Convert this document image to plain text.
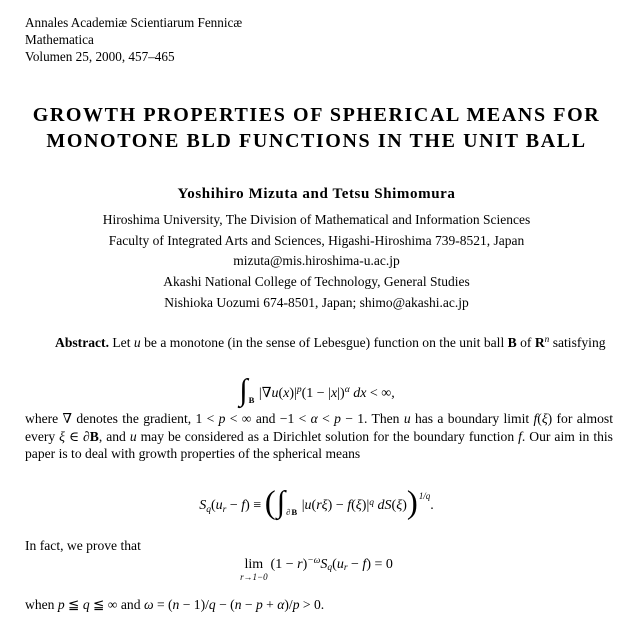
Annales Academiæ Scientiarum Fennicæ
Mathematica
Volumen 25, 2000, 457–465
GROWTH PROPERTIES OF SPHERICAL MEANS FOR
MONOTONE BLD FUNCTIONS IN THE UNIT BALL
Yoshihiro Mizuta and Tetsu Shimomura
Hiroshima University, The Division of Mathematical and Information Sciences
Faculty of Integrated Arts and Sciences, Higashi-Hiroshima 739-8521, Japan
mizuta@mis.hiroshima-u.ac.jp
Akashi National College of Technology, General Studies
Nishioka Uozumi 674-8501, Japan; shimo@akashi.ac.jp
Abstract. Let u be a monotone (in the sense of Lebesgue) function on the unit ball B of $R^n$ satisfying
$\int_B$ $|\nabla u(x)|^p(1 - |x|)^\alpha$ dx < ∞,
where ∇ denotes the gradient, 1 < p < ∞ and −1 < α < p − 1. Then u has a boundary limit f(ξ) for almost every ξ ∈ ∂B, and u may be considered as a Dirichlet solution for the boundary function f. Our aim in this paper is to deal with growth properties of the spherical means
$Sq(ur - f) \equiv (\int_{\partial B}$ $|u(r\xi) - f(\xi)|^q$ dS(ξ))$^{1/q}$.
In fact, we prove that
lim
r→1−0
$(1 - r)^{-\omega}Sq(ur - f) = 0$
when p ≦ q ≦ ∞ and ω = (n − 1)/q − (n − p + α)/p > 0.
